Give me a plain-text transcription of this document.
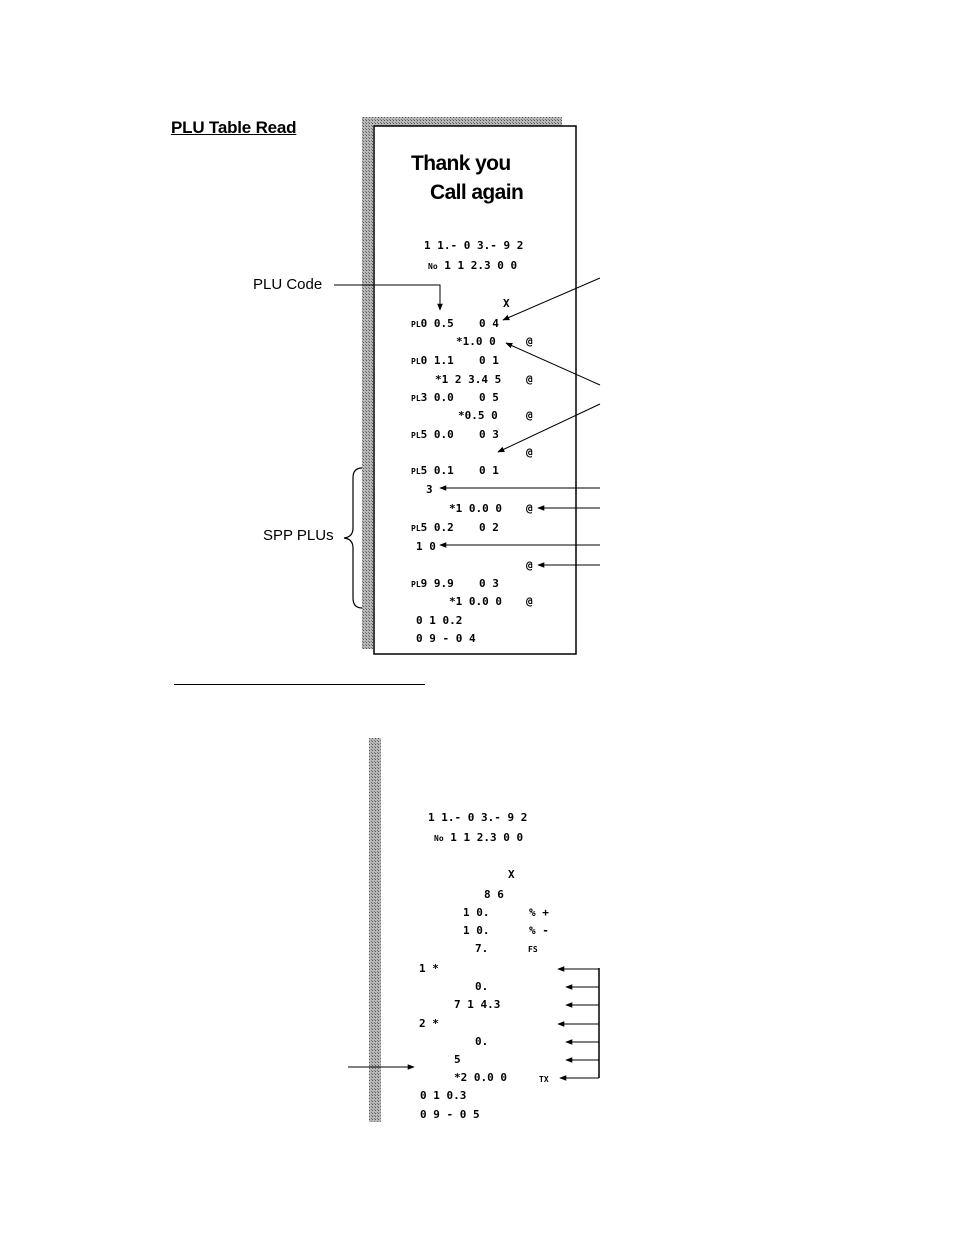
PLU Table Read
PLU Code
SPP PLUs
Thank you
Call again
1 1.- 0 3.- 9 2
No 1 1 2.3 0 0
X
PL0 0.5 0 4
*1.0 0	@
PL0 1.1 0 1
*1 2 3.4 5 @
PL3 0.0 0 5
*0.5 0	@
PL5 0.0 0 3
@
PL5 0.1 0 1
3
*1 0.0 0 @
PL5 0.2 0 2
1 0
@
PL9 9.9 0 3
*1 0.0 0 @
0 1 0.2
0 9 - 0 4
1 1.- 0 3.- 9 2
No 1 1 2.3 0 0
X
8 6
1 0.	% +
1 0.	% -
7.	FS
1 *
0.
7 1 4.3
2 *
0.
5
*2 0.0 0	TX
0 1 0.3
0 9 - 0 5
